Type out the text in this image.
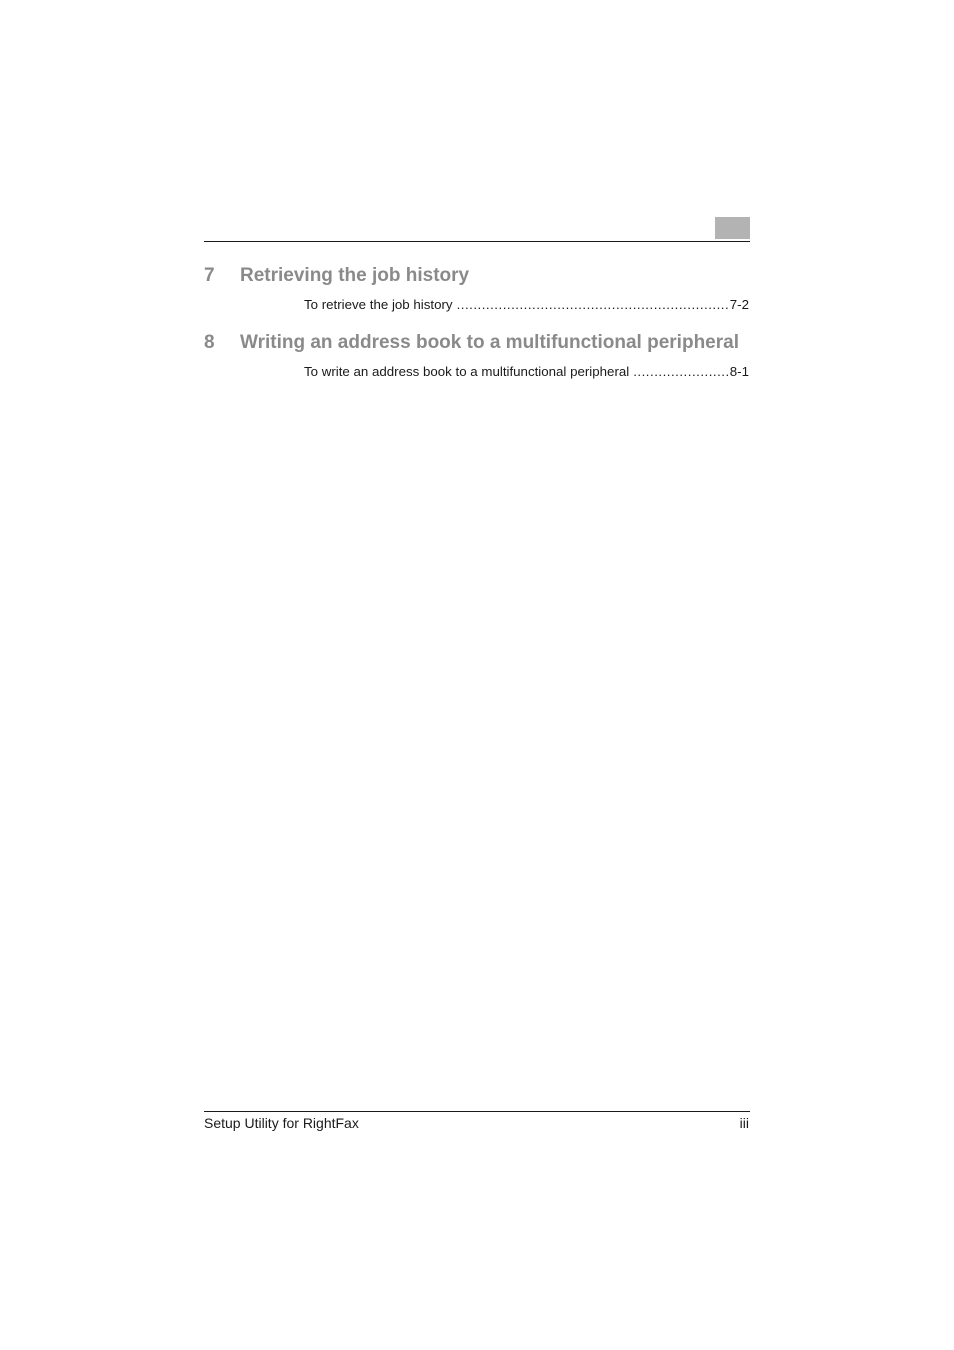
7 Retrieving the job history
To retrieve the job history .....	7-2
8 Writing an address book to a multifunctional peripheral
To write an address book to a multifunctional peripheral .....	8-1
Setup Utility for RightFax	iii
